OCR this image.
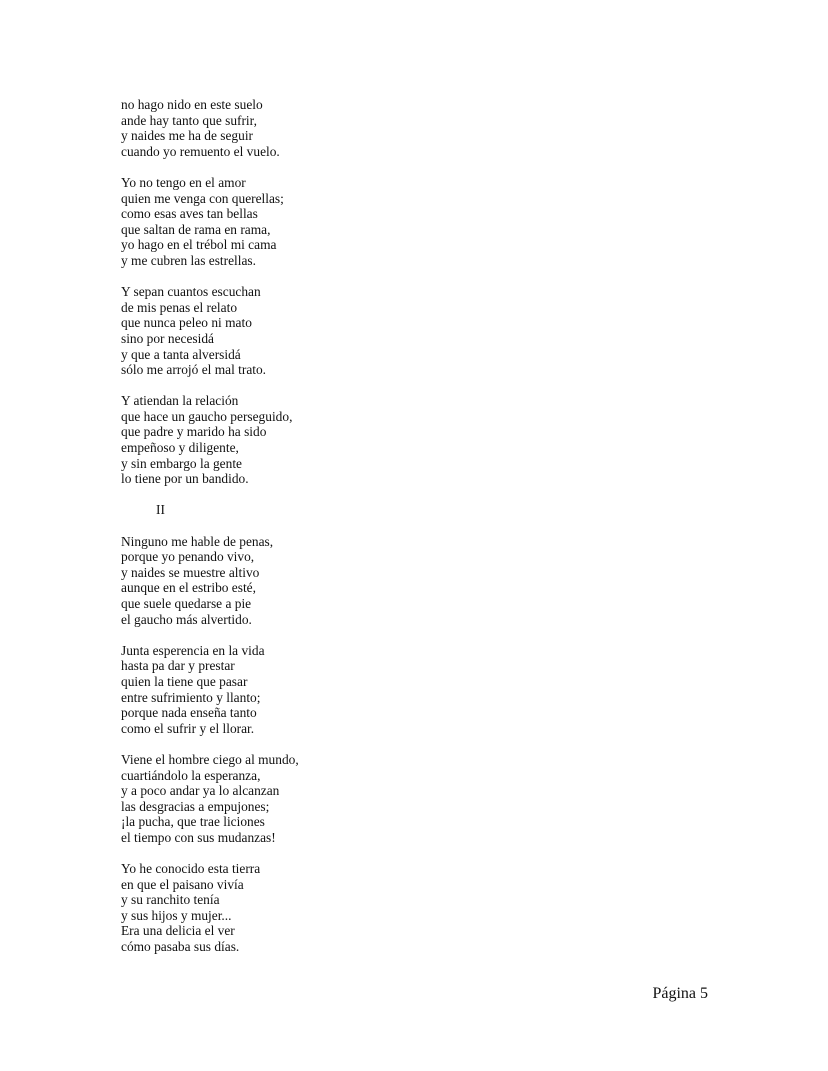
no hago nido en este suelo
ande hay tanto que sufrir,
y naides me ha de seguir
cuando yo remuento el vuelo.
Yo no tengo en el amor
quien me venga con querellas;
como esas aves tan bellas
que saltan de rama en rama,
yo hago en el trébol mi cama
y me cubren las estrellas.
Y sepan cuantos escuchan
de mis penas el relato
que nunca peleo ni mato
sino por necesidá
y que a tanta alversidá
sólo me arrojó el mal trato.
Y atiendan la relación
que hace un gaucho perseguido,
que padre y marido ha sido
empeñoso y diligente,
y sin embargo la gente
lo tiene por un bandido.
II
Ninguno me hable de penas,
porque yo penando vivo,
y naides se muestre altivo
aunque en el estribo esté,
que suele quedarse a pie
el gaucho más alvertido.
Junta esperencia en la vida
hasta pa dar y prestar
quien la tiene que pasar
entre sufrimiento y llanto;
porque nada enseña tanto
como el sufrir y el llorar.
Viene el hombre ciego al mundo,
cuartiándolo la esperanza,
y a poco andar ya lo alcanzan
las desgracias a empujones;
¡la pucha, que trae liciones
el tiempo con sus mudanzas!
Yo he conocido esta tierra
en que el paisano vivía
y su ranchito tenía
y sus hijos y mujer...
Era una delicia el ver
cómo pasaba sus días.
Página 5
